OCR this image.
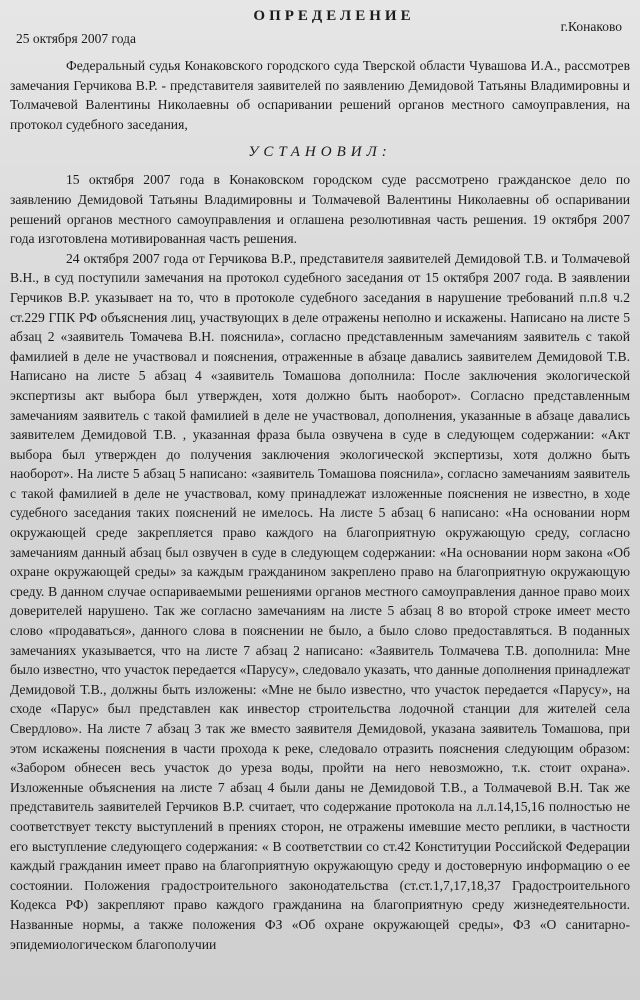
ОПРЕДЕЛЕНИЕ
25 октября 2007 года
г.Конаково

Федеральный судья Конаковского городского суда Тверской области Чувашова И.А., рассмотрев замечания Герчикова В.Р. - представителя заявителей по заявлению Демидовой Татьяны Владимировны и Толмачевой Валентины Николаевны об оспаривании решений органов местного самоуправления, на протокол судебного заседания,

УСТАНОВИЛ:

15 октября 2007 года в Конаковском городском суде рассмотрено гражданское дело по заявлению Демидовой Татьяны Владимировны и Толмачевой Валентины Николаевны об оспаривании решений органов местного самоуправления и оглашена резолютивная часть решения. 19 октября 2007 года изготовлена мотивированная часть решения.

24 октября 2007 года от Герчикова В.Р., представителя заявителей Демидовой Т.В. и Толмачевой В.Н., в суд поступили замечания на протокол судебного заседания от 15 октября 2007 года. В заявлении Герчиков В.Р. указывает на то, что в протоколе судебного заседания в нарушение требований п.п.8 ч.2 ст.229 ГПК РФ объяснения лиц, участвующих в деле отражены неполно и искажены. Написано на листе 5 абзац 2 «заявитель Томачева В.Н. пояснила», согласно представленным замечаниям заявитель с такой фамилией в деле не участвовал и пояснения, отраженные в абзаце давались заявителем Демидовой Т.В. Написано на листе 5 абзац 4 «заявитель Томашова дополнила: После заключения экологической экспертизы акт выбора был утвержден, хотя должно быть наоборот». Согласно представленным замечаниям заявитель с такой фамилией в деле не участвовал, дополнения, указанные в абзаце давались заявителем Демидовой Т.В. , указанная фраза была озвучена в суде в следующем содержании: «Акт выбора был утвержден до получения заключения экологической экспертизы, хотя должно быть наоборот». На листе 5 абзац 5 написано: «заявитель Томашова пояснила», согласно замечаниям заявитель с такой фамилией в деле не участвовал, кому принадлежат изложенные пояснения не известно, в ходе судебного заседания таких пояснений не имелось. На листе 5 абзац 6 написано: «На основании норм окружающей среде закрепляется право каждого на благоприятную окружающую среду, согласно замечаниям данный абзац был озвучен в суде в следующем содержании: «На основании норм закона «Об охране окружающей среды» за каждым гражданином закреплено право на благоприятную окружающую среду. В данном случае оспариваемыми решениями органов местного самоуправления данное право моих доверителей нарушено. Так же согласно замечаниям на листе 5 абзац 8 во второй строке имеет место слово «продаваться», данного слова в пояснении не было, а было слово предоставляться. В поданных замечаниях указывается, что на листе 7 абзац 2 написано: «Заявитель Толмачева Т.В. дополнила: Мне было известно, что участок передается «Парусу», следовало указать, что данные дополнения принадлежат Демидовой Т.В., должны быть изложены: «Мне не было известно, что участок передается «Парусу», на сходе «Парус» был представлен как инвестор строительства лодочной станции для жителей села Свердлово». На листе 7 абзац 3 так же вместо заявителя Демидовой, указана заявитель Томашова, при этом искажены пояснения в части прохода к реке, следовало отразить пояснения следующим образом: «Забором обнесен весь участок до уреза воды, пройти на него невозможно, т.к. стоит охрана». Изложенные объяснения на листе 7 абзац 4 были даны не Демидовой Т.В., а Толмачевой В.Н. Так же представитель заявителей Герчиков В.Р. считает, что содержание протокола на л.л.14,15,16 полностью не соответствует тексту выступлений в прениях сторон, не отражены имевшие место реплики, в частности его выступление следующего содержания: « В соответствии со ст.42 Конституции Российской Федерации каждый гражданин имеет право на благоприятную окружающую среду и достоверную информацию о ее состоянии. Положения градостроительного законодательства (ст.ст.1,7,17,18,37 Градостроительного Кодекса РФ) закрепляют право каждого гражданина на благоприятную среду жизнедеятельности. Названные нормы, а также положения ФЗ «Об охране окружающей среды», ФЗ «О санитарно-эпидемиологическом благополучии
